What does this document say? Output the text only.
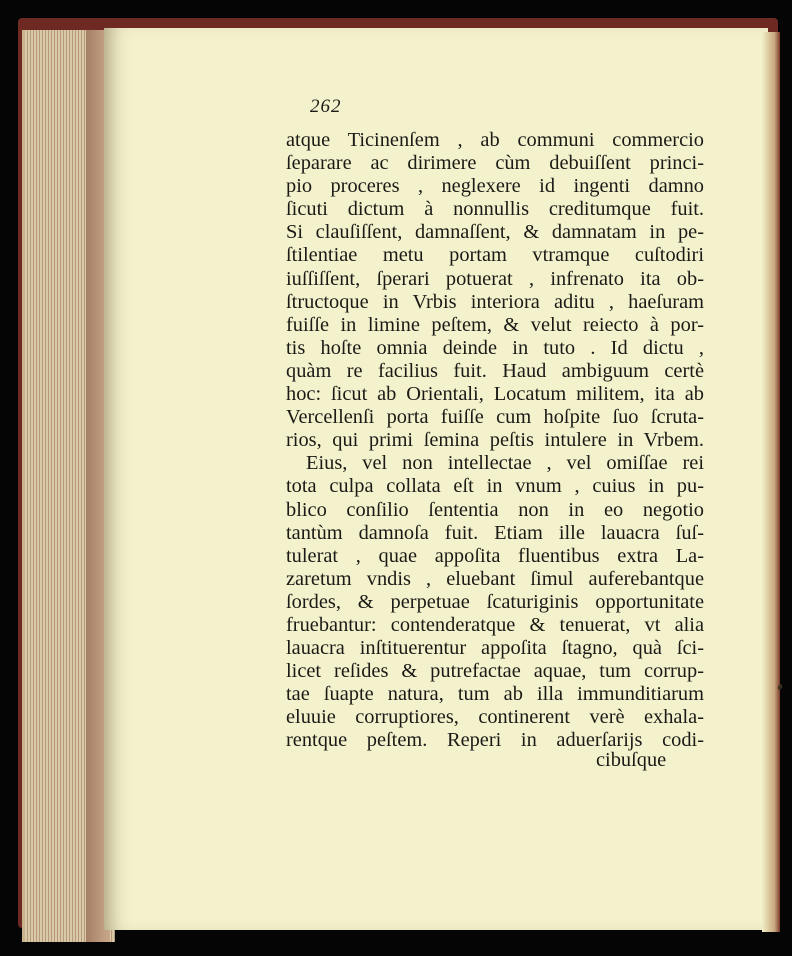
262
atque Ticinenſem , ab communi commercio
ſeparare ac dirimere cùm debuiſſent princi-
pio proceres , neglexere id ingenti damno
ſicuti dictum à nonnullis creditumque fuit.
Si clauſiſſent, damnaſſent, & damnatam in pe-
ſtilentiae metu portam vtramque cuſtodiri
iuſſiſſent, ſperari potuerat , infrenato ita ob-
ſtructoque in Vrbis interiora aditu , haeſuram
fuiſſe in limine peſtem, & velut reiecto à por-
tis hoſte omnia deinde in tuto . Id dictu ,
quàm re facilius fuit. Haud ambiguum certè
hoc: ſicut ab Orientali, Locatum militem, ita ab
Vercellenſi porta fuiſſe cum hoſpite ſuo ſcruta-
rios, qui primi ſemina peſtis intulere in Vrbem.
Eius, vel non intellectae , vel omiſſae rei
tota culpa collata eſt in vnum , cuius in pu-
blico conſilio ſententia non in eo negotio
tantùm damnoſa fuit. Etiam ille lauacra ſuſ-
tulerat , quae appoſita fluentibus extra La-
zaretum vndis , eluebant ſimul auferebantque
ſordes, & perpetuae ſcaturiginis opportunitate
fruebantur: contenderatque & tenuerat, vt alia
lauacra inſtituerentur appoſita ſtagno, quà ſci-
licet reſides & putrefactae aquae, tum corrup-
tae ſuapte natura, tum ab illa immunditiarum
eluuie corruptiores, continerent verè exhala-
rentque peſtem. Reperi in aduerſarijs codi-
cibuſque
